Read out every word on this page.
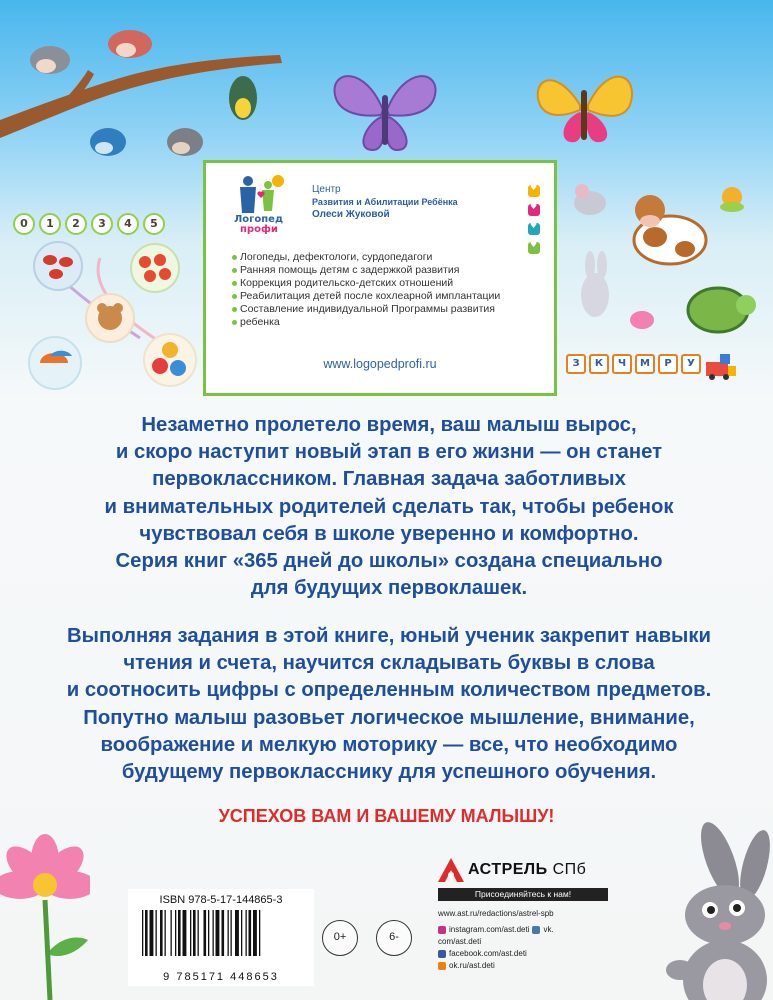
Логопед
профи
Центр
Развития и Абилитации Ребёнка
Олеси Жуковой
♥
♥
♥
♥
Логопеды, дефектологи, сурдопедагоги
Ранняя помощь детям с задержкой развития
Коррекция родительско-детских отношений
Реабилитация детей после кохлеарной имплантации
Составление индивидуальной Программы развития
ребенка
www.logopedprofi.ru
0	1	2	3	4	5
З	К	Ч	М	Р	У

Незаметно пролетело время, ваш малыш вырос,

и скоро наступит новый этап в его жизни — он станет

первоклассником. Главная задача заботливых

и внимательных родителей сделать так, чтобы ребенок

чувствовал себя в школе уверенно и комфортно.

Серия книг «365 дней до школы» создана специально

для будущих первоклашек.

Выполняя задания в этой книге, юный ученик закрепит навыки

чтения и счета, научится складывать буквы в слова

и соотносить цифры с определенным количеством предметов.

Попутно малыш разовьет логическое мышление, внимание,

воображение и мелкую моторику — все, что необходимо

будущему первокласснику для успешного обучения.

УСПЕХОВ ВАМ И ВАШЕМУ МАЛЫШУ!
ISBN 978-5-17-144865-3
9 785171 448653
0+	6-
АСТРЕЛЬ СПб
Присоединяйтесь к нам!
www.ast.ru/redactions/astrel-spb
instagram.com/ast.deti vk.
com/ast.deti
facebook.com/ast.deti
ok.ru/ast.deti
